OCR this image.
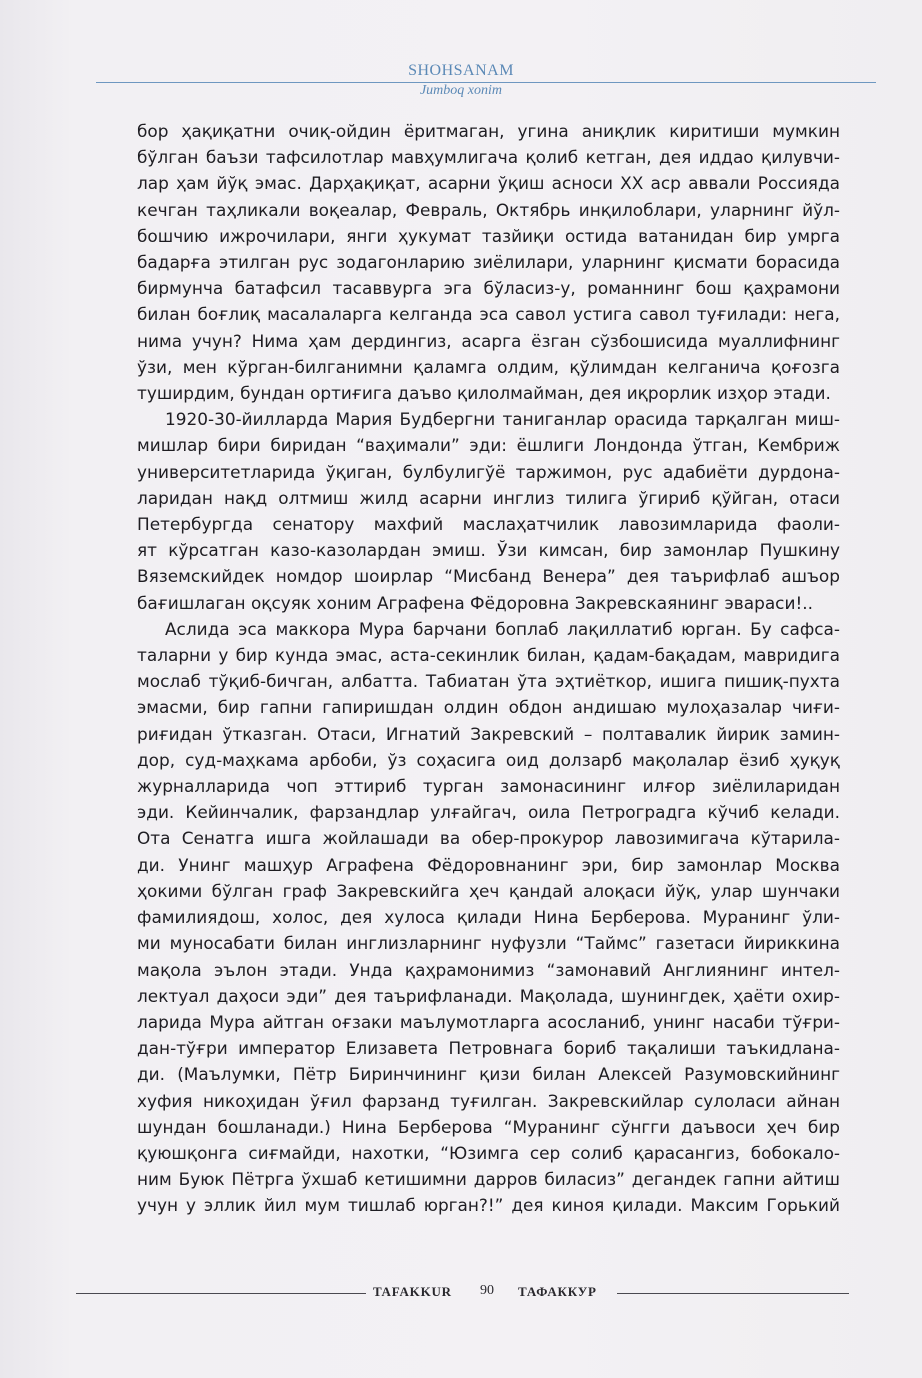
SHOHSANAM
Jumboq xonim
бор ҳақиқатни очиқ-ойдин ёритмаган, угина аниқлик киритиши мумкин
бўлган баъзи тафсилотлар мавҳумлигача қолиб кетган, дея иддао қилувчи-
лар ҳам йўқ эмас. Дарҳақиқат, асарни ўқиш асноси XX аср аввали Россияда
кечган таҳликали воқеалар, Февраль, Октябрь инқилоблари, уларнинг йўл-
бошчию ижрочилари, янги ҳукумат тазйиқи остида ватанидан бир умрга
бадарға этилган рус зодагонларию зиёлилари, уларнинг қисмати борасида
бирмунча батафсил тасаввурга эга бўласиз-у, романнинг бош қаҳрамони
билан боғлиқ масалаларга келганда эса савол устига савол туғилади: нега,
нима учун? Нима ҳам дердингиз, асарга ёзган сўзбошисида муаллифнинг
ўзи, мен кўрган-билганимни қаламга олдим, қўлимдан келганича қоғозга
туширдим, бундан ортиғига даъво қилолмайман, дея иқрорлик изҳор этади.
1920-30-йилларда Мария Будбергни таниганлар орасида тарқалган миш-
мишлар бири биридан “ваҳимали” эди: ёшлиги Лондонда ўтган, Кембриж
университетларида ўқиган, булбулигўё таржимон, рус адабиёти дурдона-
ларидан нақд олтмиш жилд асарни инглиз тилига ўгириб қўйган, отаси
Петербургда сенатору махфий маслаҳатчилик лавозимларида фаоли-
ят кўрсатган казо-казолардан эмиш. Ўзи кимсан, бир замонлар Пушкину
Вяземскийдек номдор шоирлар “Мисбанд Венера” дея таърифлаб ашъор
бағишлаган оқсуяк хоним Аграфена Фёдоровна Закревскаянинг эвараси!..
Аслида эса маккора Мура барчани боплаб лақиллатиб юрган. Бу сафса-
таларни у бир кунда эмас, аста-секинлик билан, қадам-бақадам, мавридига
мослаб тўқиб-бичган, албатта. Табиатан ўта эҳтиёткор, ишига пишиқ-пухта
эмасми, бир гапни гапиришдан олдин обдон андишаю мулоҳазалар чиғи-
риғидан ўтказган. Отаси, Игнатий Закревский – полтавалик йирик замин-
дор, суд-маҳкама арбоби, ўз соҳасига оид долзарб мақолалар ёзиб ҳуқуқ
журналларида чоп эттириб турган замонасининг илғор зиёлиларидан
эди. Кейинчалик, фарзандлар улғайгач, оила Петроградга кўчиб келади.
Ота Сенатга ишга жойлашади ва обер-прокурор лавозимигача кўтарила-
ди. Унинг машҳур Аграфена Фёдоровнанинг эри, бир замонлар Москва
ҳокими бўлган граф Закревскийга ҳеч қандай алоқаси йўқ, улар шунчаки
фамилиядош, холос, дея хулоса қилади Нина Берберова. Муранинг ўли-
ми муносабати билан инглизларнинг нуфузли “Таймс” газетаси йириккина
мақола эълон этади. Унда қаҳрамонимиз “замонавий Англиянинг интел-
лектуал даҳоси эди” дея таърифланади. Мақолада, шунингдек, ҳаёти охир-
ларида Мура айтган оғзаки маълумотларга асосланиб, унинг насаби тўғри-
дан-тўғри император Елизавета Петровнага бориб тақалиши таъкидлана-
ди. (Маълумки, Пётр Биринчининг қизи билан Алексей Разумовскийнинг
хуфия никоҳидан ўғил фарзанд туғилган. Закревскийлар сулоласи айнан
шундан бошланади.) Нина Берберова “Муранинг сўнгги даъвоси ҳеч бир
қуюшқонга сиғмайди, нахотки, “Юзимга сер солиб қарасангиз, бобокало-
ним Буюк Пётрга ўхшаб кетишимни дарров биласиз” дегандек гапни айтиш
учун у эллик йил мум тишлаб юрган?!” дея киноя қилади. Максим Горький
TAFAKKUR 90 ТАФАККУР
